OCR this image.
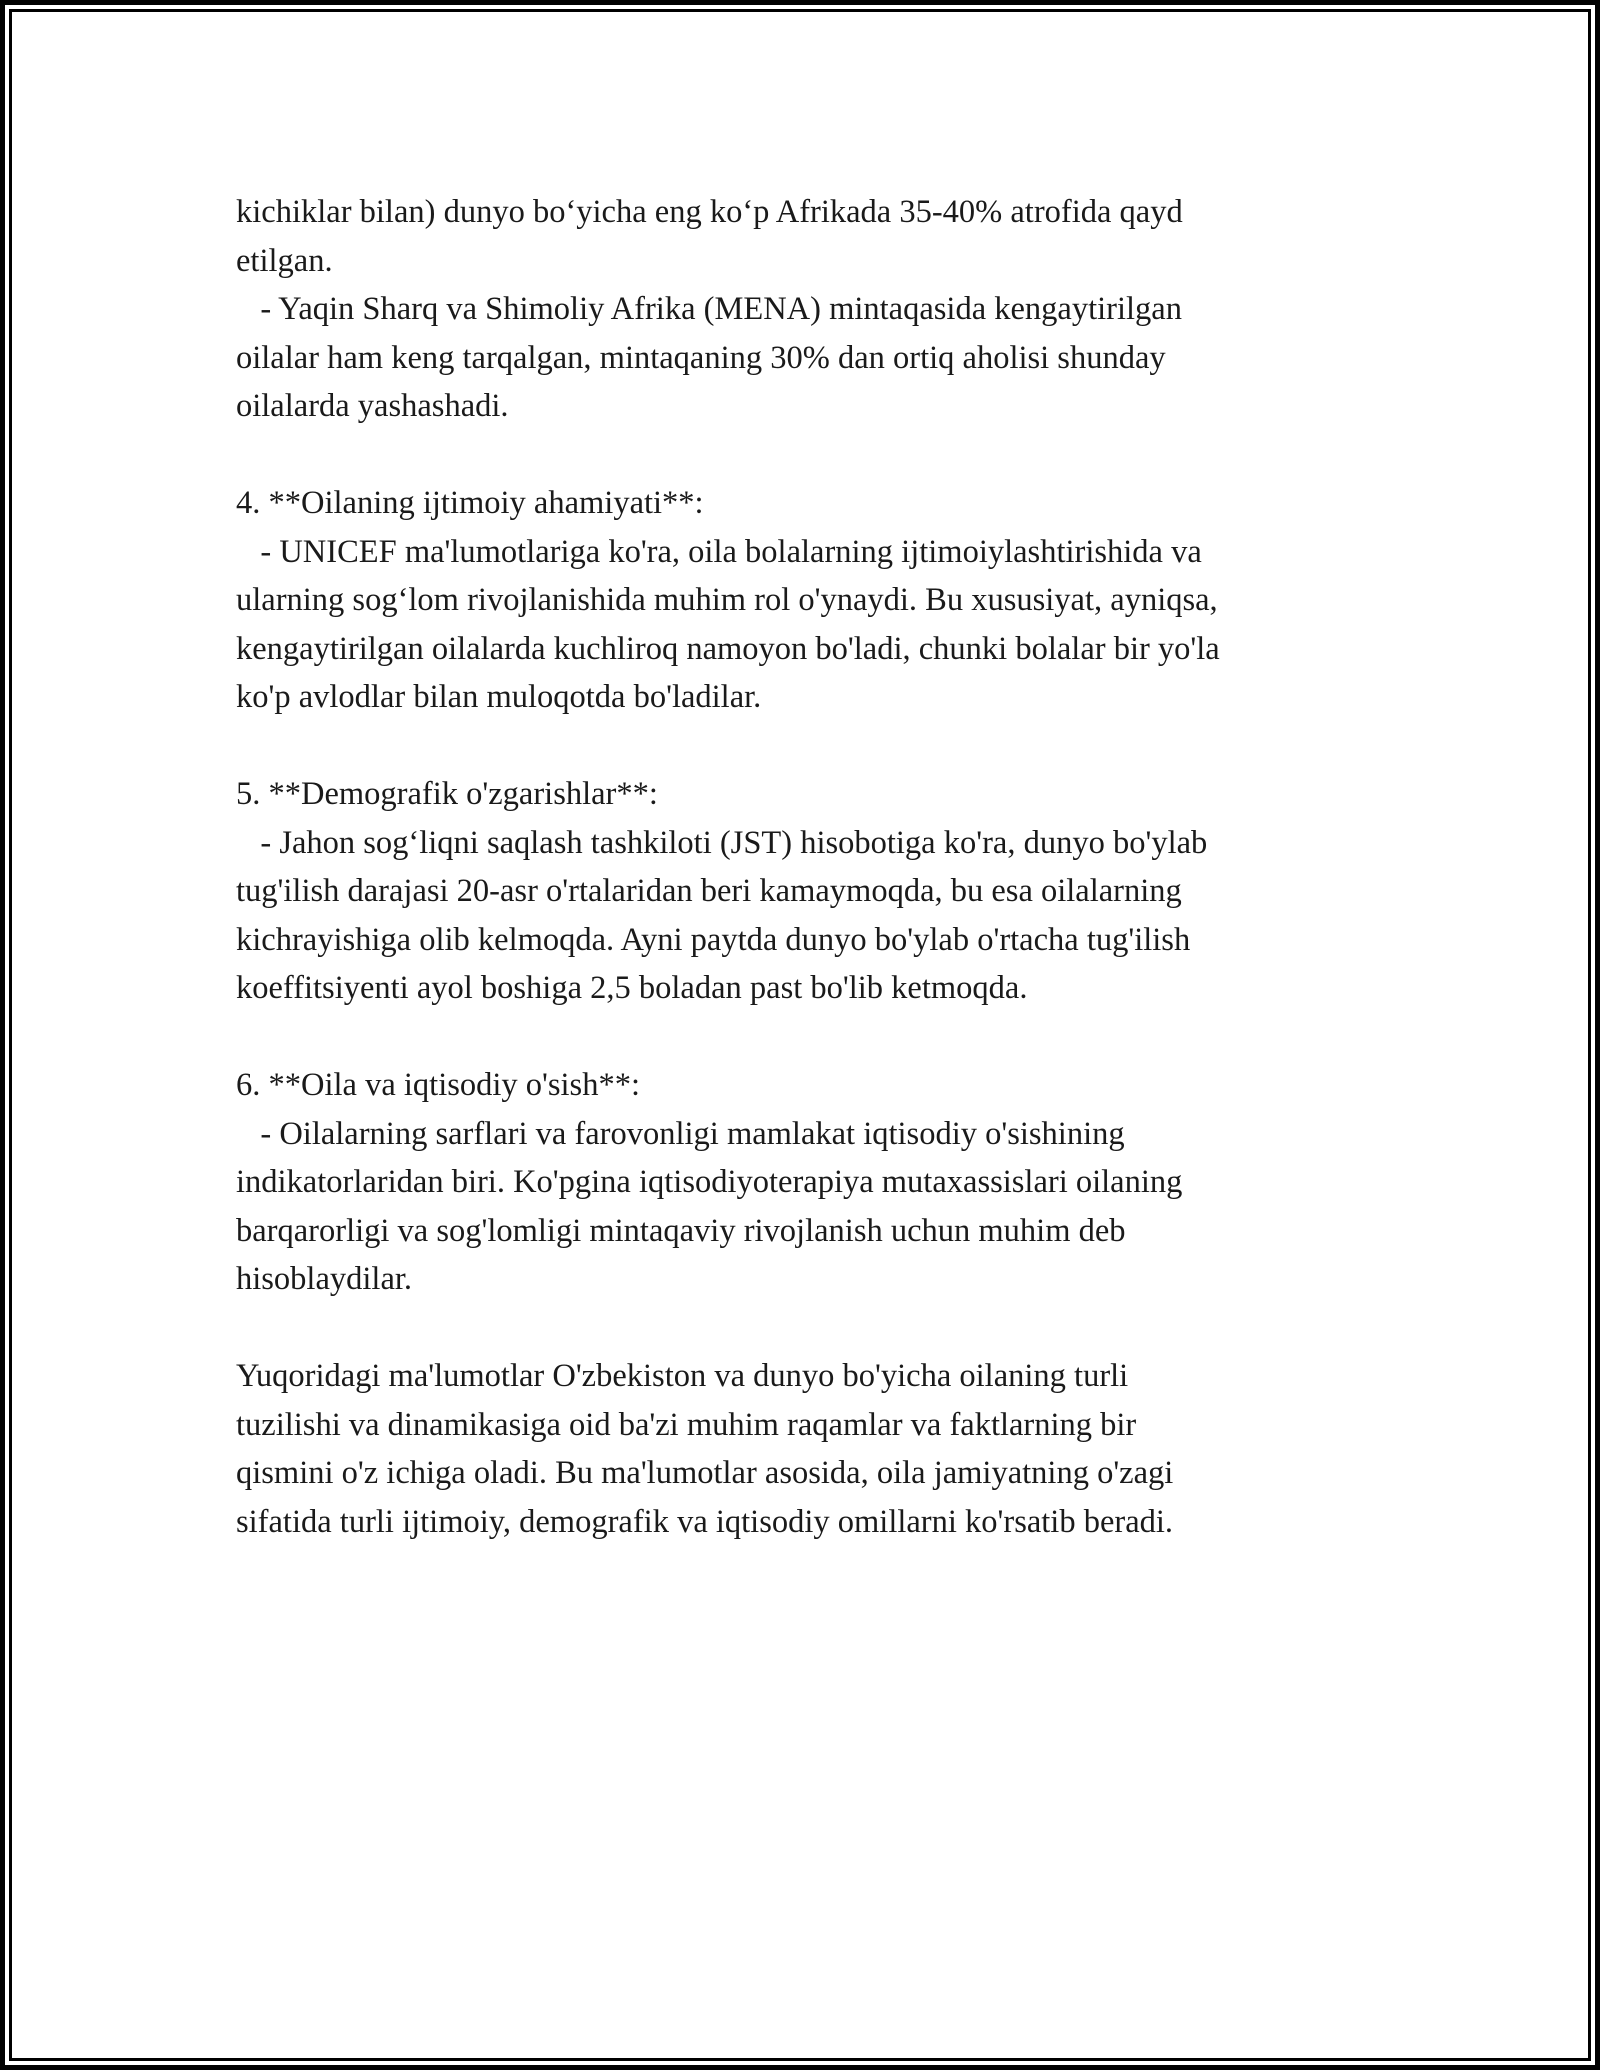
kichiklar bilan) dunyo bo‘yicha eng ko‘p Afrikada 35-40% atrofida qayd
etilgan.
- Yaqin Sharq va Shimoliy Afrika (MENA) mintaqasida kengaytirilgan
oilalar ham keng tarqalgan, mintaqaning 30% dan ortiq aholisi shunday
oilalarda yashashadi.
4. **Oilaning ijtimoiy ahamiyati**:
- UNICEF ma'lumotlariga ko'ra, oila bolalarning ijtimoiylashtirishida va
ularning sog‘lom rivojlanishida muhim rol o'ynaydi. Bu xususiyat, ayniqsa,
kengaytirilgan oilalarda kuchliroq namoyon bo'ladi, chunki bolalar bir yo'la
ko'p avlodlar bilan muloqotda bo'ladilar.
5. **Demografik o'zgarishlar**:
- Jahon sog‘liqni saqlash tashkiloti (JST) hisobotiga ko'ra, dunyo bo'ylab
tug'ilish darajasi 20-asr o'rtalaridan beri kamaymoqda, bu esa oilalarning
kichrayishiga olib kelmoqda. Ayni paytda dunyo bo'ylab o'rtacha tug'ilish
koeffitsiyenti ayol boshiga 2,5 boladan past bo'lib ketmoqda.
6. **Oila va iqtisodiy o'sish**:
- Oilalarning sarflari va farovonligi mamlakat iqtisodiy o'sishining
indikatorlaridan biri. Ko'pgina iqtisodiyoterapiya mutaxassislari oilaning
barqarorligi va sog'lomligi mintaqaviy rivojlanish uchun muhim deb
hisoblaydilar.
Yuqoridagi ma'lumotlar O'zbekiston va dunyo bo'yicha oilaning turli
tuzilishi va dinamikasiga oid ba'zi muhim raqamlar va faktlarning bir
qismini o'z ichiga oladi. Bu ma'lumotlar asosida, oila jamiyatning o'zagi
sifatida turli ijtimoiy, demografik va iqtisodiy omillarni ko'rsatib beradi.
